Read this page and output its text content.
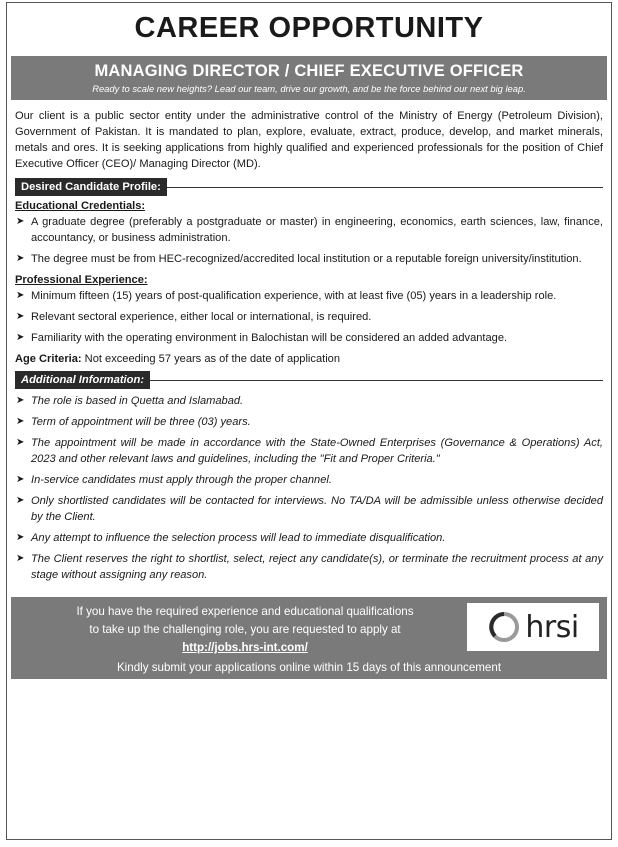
CAREER OPPORTUNITY
MANAGING DIRECTOR / CHIEF EXECUTIVE OFFICER
Ready to scale new heights? Lead our team, drive our growth, and be the force behind our next big leap.
Our client is a public sector entity under the administrative control of the Ministry of Energy (Petroleum Division), Government of Pakistan. It is mandated to plan, explore, evaluate, extract, produce, develop, and market minerals, metals and ores. It is seeking applications from highly qualified and experienced professionals for the position of Chief Executive Officer (CEO)/ Managing Director (MD).
Desired Candidate Profile:
Educational Credentials:
➤ A graduate degree (preferably a postgraduate or master) in engineering, economics, earth sciences, law, finance, accountancy, or business administration.
➤ The degree must be from HEC-recognized/accredited local institution or a reputable foreign university/institution.
Professional Experience:
➤ Minimum fifteen (15) years of post-qualification experience, with at least five (05) years in a leadership role.
➤ Relevant sectoral experience, either local or international, is required.
➤ Familiarity with the operating environment in Balochistan will be considered an added advantage.
Age Criteria: Not exceeding 57 years as of the date of application
Additional Information:
➤ The role is based in Quetta and Islamabad.
➤ Term of appointment will be three (03) years.
➤ The appointment will be made in accordance with the State-Owned Enterprises (Governance & Operations) Act, 2023 and other relevant laws and guidelines, including the "Fit and Proper Criteria."
➤ In-service candidates must apply through the proper channel.
➤ Only shortlisted candidates will be contacted for interviews. No TA/DA will be admissible unless otherwise decided by the Client.
➤ Any attempt to influence the selection process will lead to immediate disqualification.
➤ The Client reserves the right to shortlist, select, reject any candidate(s), or terminate the recruitment process at any stage without assigning any reason.
If you have the required experience and educational qualifications
to take up the challenging role, you are requested to apply at
http://jobs.hrs-int.com/
hrsi
Kindly submit your applications online within 15 days of this announcement
